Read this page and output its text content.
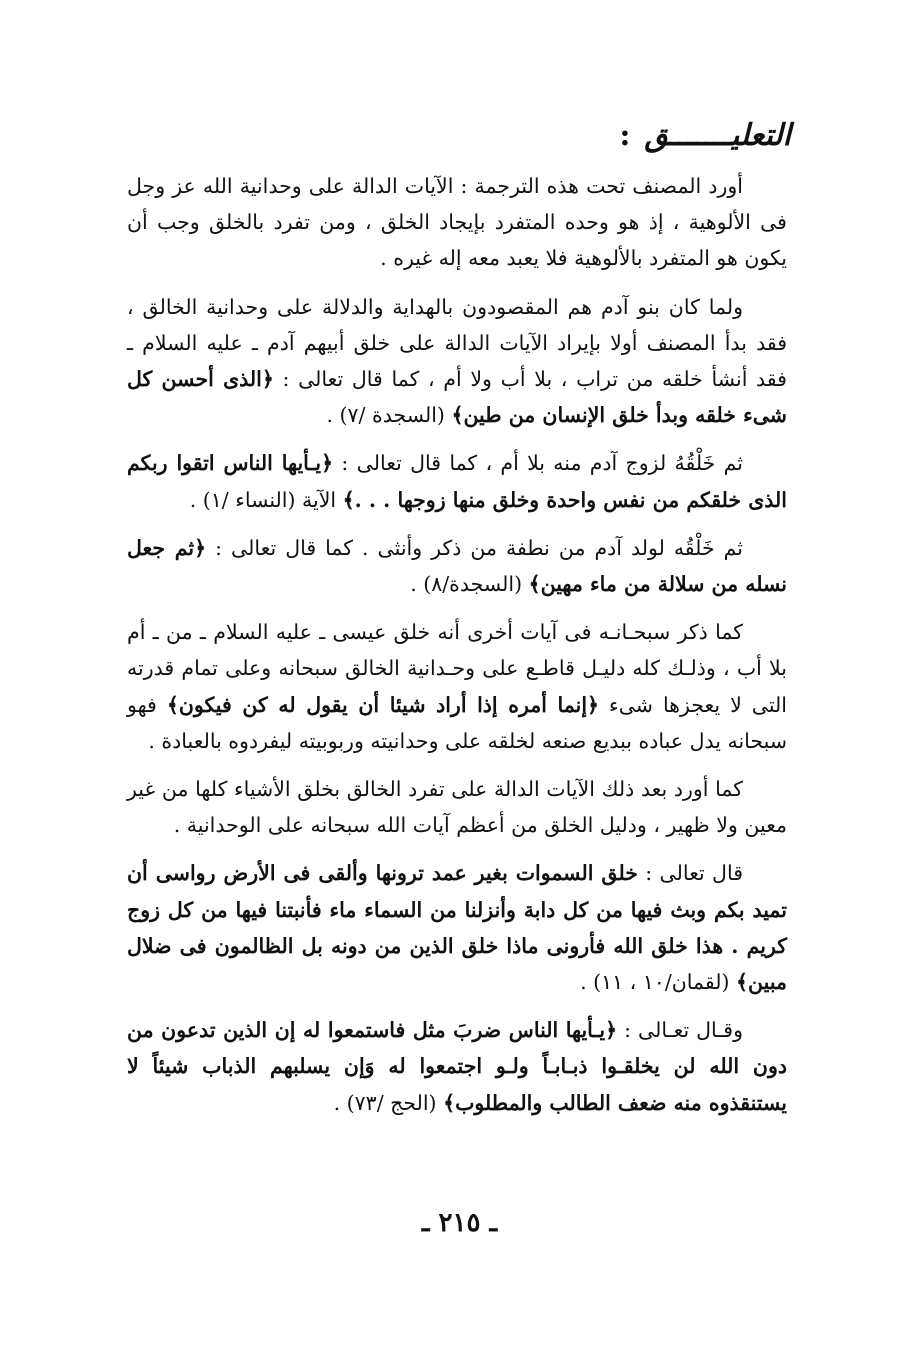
التعليـــــــق:

أورد المصنف تحت هذه الترجمة : الآيات الدالة على وحدانية الله عز وجل فى الألوهية ، إذ هو وحده المتفرد بإيجاد الخلق ، ومن تفرد بالخلق وجب أن يكون هو المتفرد بالألوهية فلا يعبد معه إله غيره .

ولما كان بنو آدم هم المقصودون بالهداية والدلالة على وحدانية الخالق ، فقد بدأ المصنف أولا بإيراد الآيات الدالة على خلق أبيهم آدم ـ عليه السلام ـ فقد أنشأ خلقه من تراب ، بلا أب ولا أم ، كما قال تعالى : ﴿الذى أحسن كل شىء خلقه وبدأ خلق الإنسان من طين﴾ (السجدة /٧) .

ثم خَلْقُهُ لزوج آدم منه بلا أم ، كما قال تعالى : ﴿يـأيها الناس اتقوا ربكم الذى خلقكم من نفس واحدة وخلق منها زوجها . . .﴾ الآية (النساء /١) .

ثم خَلْقُه لولد آدم من نطفة من ذكر وأنثى . كما قال تعالى : ﴿ثم جعل نسله من سلالة من ماء مهين﴾ (السجدة/٨) .

كما ذكر سبحـانـه فى آيات أخرى أنه خلق عيسى ـ عليه السلام ـ من ـ أم بلا أب ، وذلـك كله دليـل قاطـع على وحـدانية الخالق سبحانه وعلى تمام قدرته التى لا يعجزها شىء ﴿إنما أمره إذا أراد شيئا أن يقول له كن فيكون﴾ فهو سبحانه يدل عباده ببديع صنعه لخلقه على وحدانيته وربوبيته ليفردوه بالعبادة .

كما أورد بعد ذلك الآيات الدالة على تفرد الخالق بخلق الأشياء كلها من غير معين ولا ظهير ، ودليل الخلق من أعظم آيات الله سبحانه على الوحدانية .

قال تعالى : خلق السموات بغير عمد ترونها وألقى فى الأرض رواسى أن تميد بكم وبث فيها من كل دابة وأنزلنا من السماء ماء فأنبتنا فيها من كل زوج كريم . هذا خلق الله فأرونى ماذا خلق الذين من دونه بل الظالمون فى ضلال مبين﴾ (لقمان/١٠ ، ١١) .

وقـال تعـالى : ﴿يـأيها الناس ضربَ مثل فاستمعوا له إن الذين تدعون من دون الله لن يخلقـوا ذبـابـاً ولـو اجتمعوا له وَإن يسلبهم الذباب شيئاً لا يستنقذوه منه ضعف الطالب والمطلوب﴾ (الحج /٧٣) .

ـ ٢١٥ ـ
